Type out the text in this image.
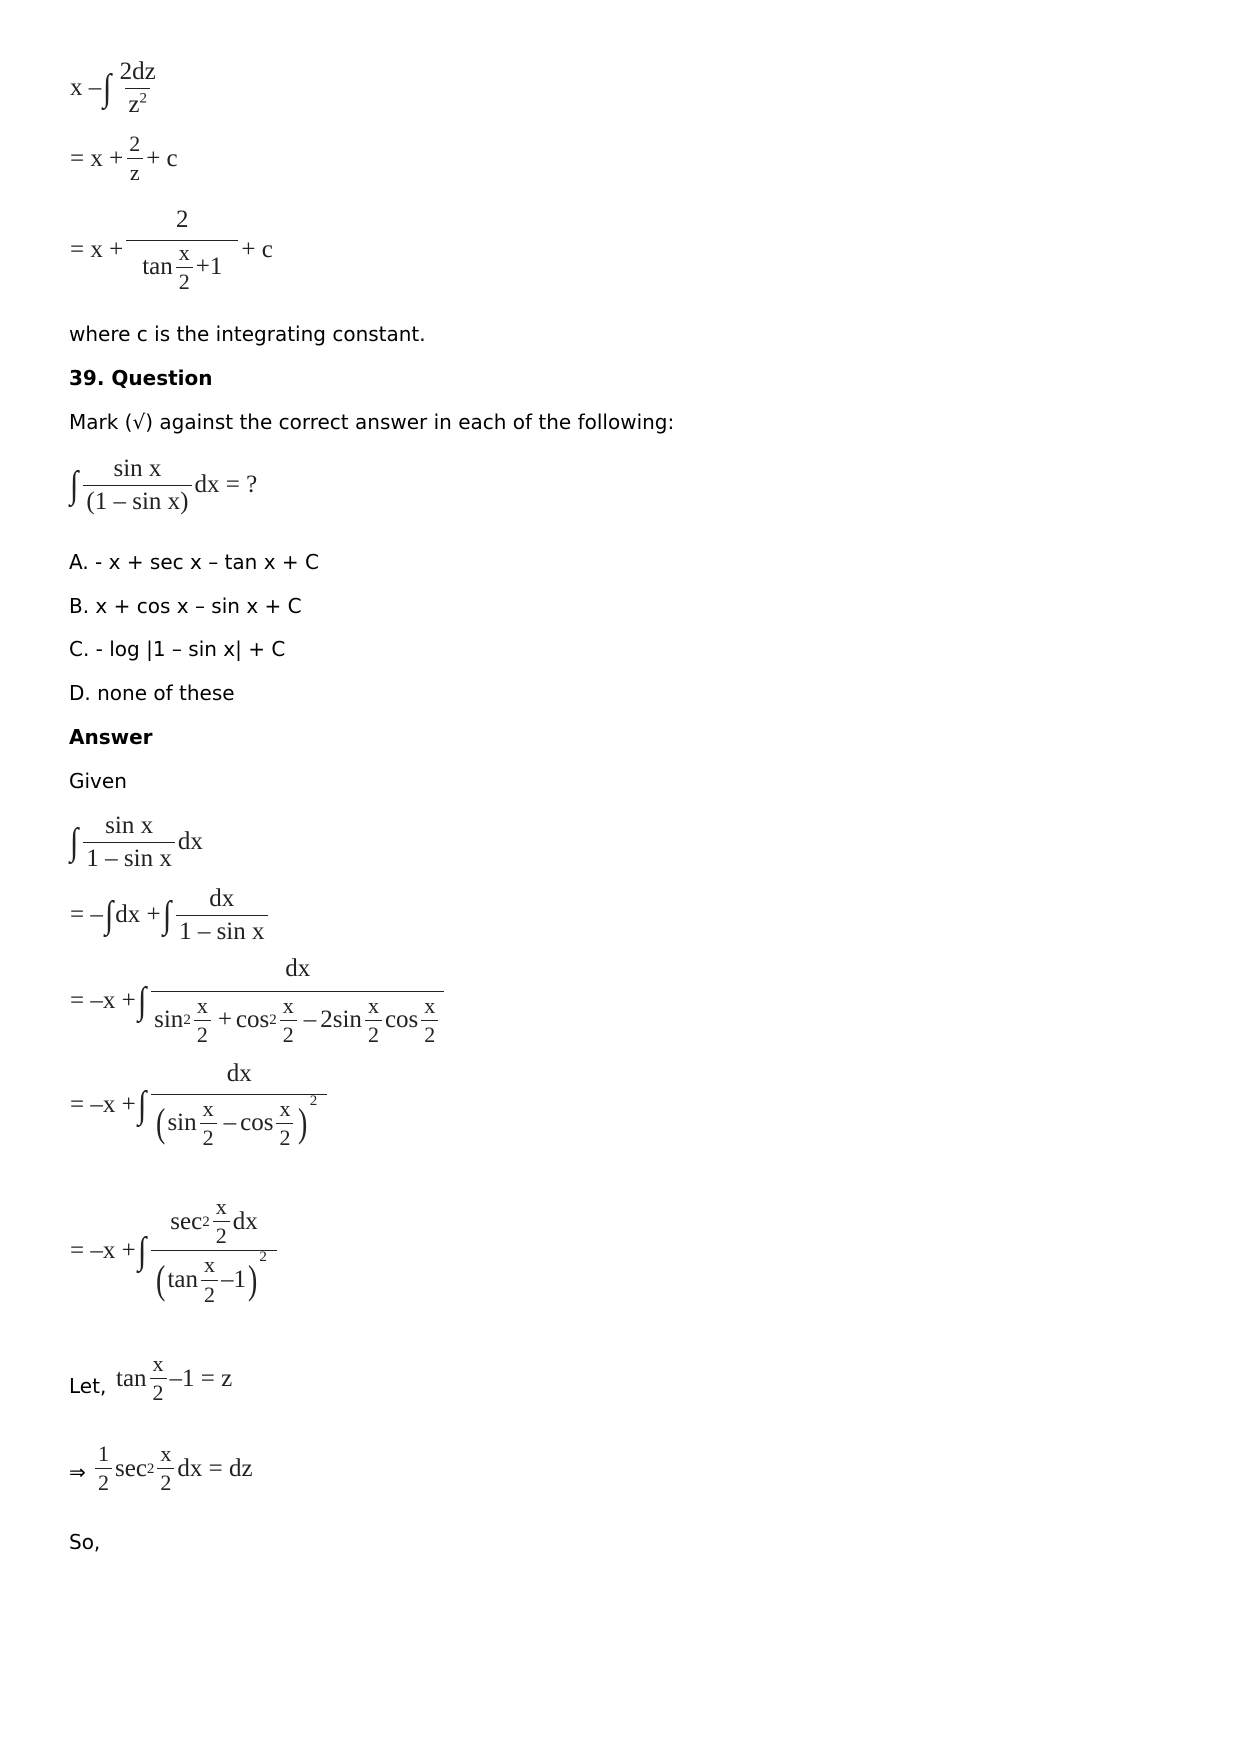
x – ∫ $\frac{2dz}{z^2}$
= $x + \frac{2}{z} + c$
= x +
2
$\tan \frac{x}{2} +1$
+ c
where c is the integrating constant.
39. Question
Mark (√) against the correct answer in each of the following:
∫ $\frac{\text{sin x}}{\text{(1 – sin x)}}$ dx = ?
A. - x + sec x – tan x + C
B. x + cos x – sin x + C
C. - log |1 – sin x| + C
D. none of these
Answer
Given
∫ $\frac{\text{sin x}}{\text{1 – sin x}}$ dx
= – ∫ dx + ∫ $\frac{dx}{\text{1 – sin x}}$
= –x + ∫
dx
$\sin 2 \frac{x}{2} + \cos 2 \frac{x}{2} - 2\sin \frac{x}{2}$ $\cos \frac{x}{2}$
= –x + ∫
dx
( $\sin \frac{x}{2}$ – $\cos \frac{x}{2}$ ) 2
= –x + ∫
$\sec 2 \frac{x}{2}$ dx
( $\tan \frac{x}{2} -1$ ) 2
Let, $\tan \frac{x}{2} -1 = z$
⇒ $\frac{1}{2}$ $\sec 2 \frac{x}{2}$ dx = dz
So,
